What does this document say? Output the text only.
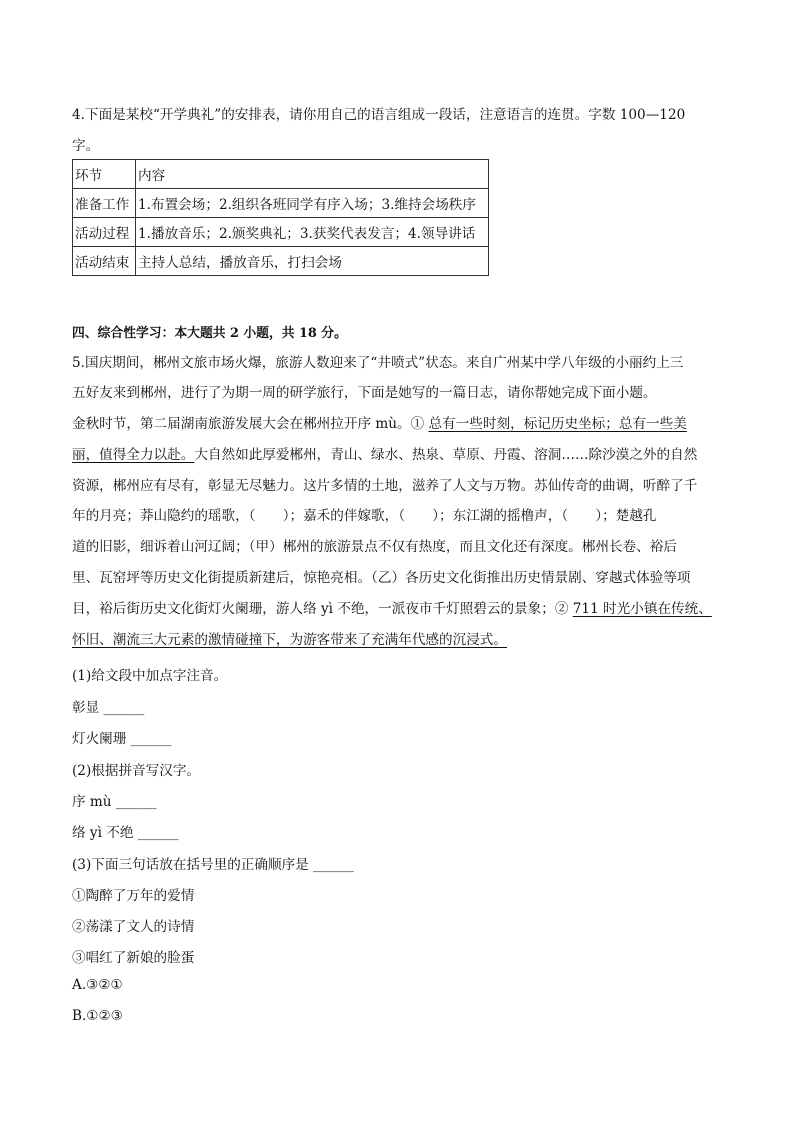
4.下面是某校“开学典礼”的安排表，请你用自己的语言组成一段话，注意语言的连贯。字数 100—120
字。
环节	内容
准备工作	1.布置会场；2.组织各班同学有序入场；3.维持会场秩序
活动过程	1.播放音乐；2.颁奖典礼；3.获奖代表发言；4.领导讲话
活动结束	主持人总结，播放音乐，打扫会场
四、综合性学习：本大题共 2 小题，共 18 分。
5.国庆期间，郴州文旅市场火爆，旅游人数迎来了“井喷式”状态。来自广州某中学八年级的小丽约上三
五好友来到郴州，进行了为期一周的研学旅行，下面是她写的一篇日志，请你帮她完成下面小题。
金秋时节，第二届湖南旅游发展大会在郴州拉开序 mù。① 总有一些时刻，标记历史坐标；总有一些美
丽，值得全力以赴。大自然如此厚爱郴州，青山、绿水、热泉、草原、丹霞、溶洞……除沙漠之外的自然
资源，郴州应有尽有，彰显无尽魅力。这片多情的土地，滋养了人文与万物。苏仙传奇的曲调，听醉了千
年的月亮；莽山隐约的瑶歌，（　　）；嘉禾的伴嫁歌，（　　）；东江湖的摇橹声，（　　）；楚越孔
道的旧影，细诉着山河辽阔；（甲）郴州的旅游景点不仅有热度，而且文化还有深度。郴州长卷、裕后
里、瓦窑坪等历史文化街提质新建后，惊艳亮相。（乙）各历史文化街推出历史情景剧、穿越式体验等项
目，裕后街历史文化街灯火阑珊，游人络 yì 不绝，一派夜市千灯照碧云的景象；② 711 时光小镇在传统、
怀旧、潮流三大元素的激情碰撞下，为游客带来了充满年代感的沉浸式。
(1)给文段中加点字注音。
彰显 ______
灯火阑珊 ______
(2)根据拼音写汉字。
序 mù ______
络 yì 不绝 ______
(3)下面三句话放在括号里的正确顺序是 ______
①陶醉了万年的爱情
②荡漾了文人的诗情
③唱红了新娘的脸蛋
A.③②①
B.①②③
